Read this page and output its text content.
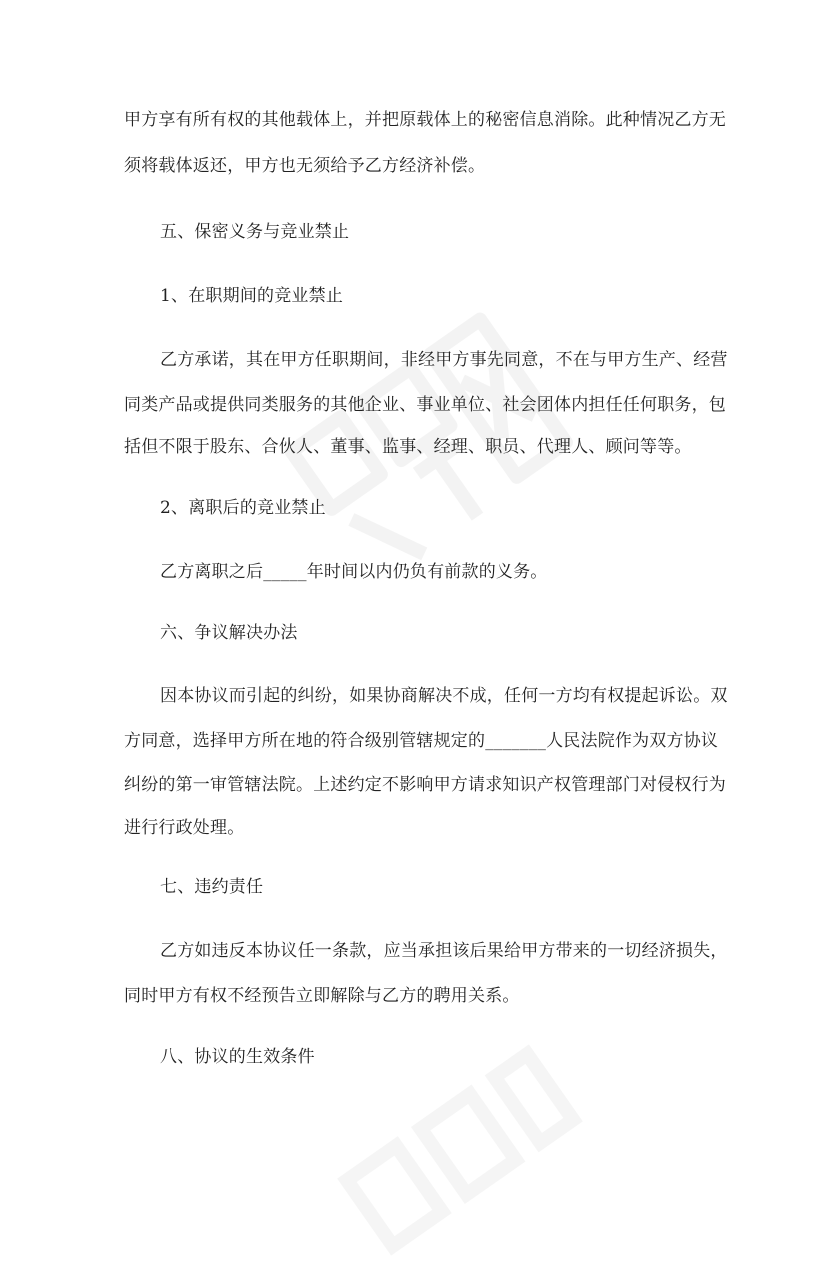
甲方享有所有权的其他载体上，并把原载体上的秘密信息消除。此种情况乙方无
须将载体返还，甲方也无须给予乙方经济补偿。
五、保密义务与竞业禁止
1、在职期间的竞业禁止
乙方承诺，其在甲方任职期间，非经甲方事先同意，不在与甲方生产、经营
同类产品或提供同类服务的其他企业、事业单位、社会团体内担任任何职务，包
括但不限于股东、合伙人、董事、监事、经理、职员、代理人、顾问等等。
2、离职后的竞业禁止
乙方离职之后_____年时间以内仍负有前款的义务。
六、争议解决办法
因本协议而引起的纠纷，如果协商解决不成，任何一方均有权提起诉讼。双
方同意，选择甲方所在地的符合级别管辖规定的_______人民法院作为双方协议
纠纷的第一审管辖法院。上述约定不影响甲方请求知识产权管理部门对侵权行为
进行行政处理。
七、违约责任
乙方如违反本协议任一条款，应当承担该后果给甲方带来的一切经济损失，
同时甲方有权不经预告立即解除与乙方的聘用关系。
八、协议的生效条件
